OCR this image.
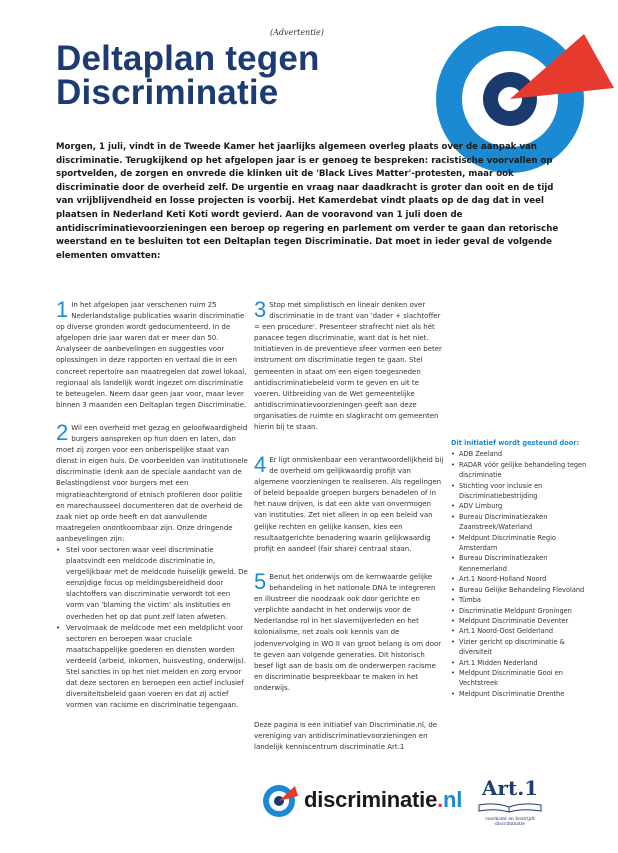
(Advertentie)
Deltaplan tegen
Discriminatie

Morgen, 1 juli, vindt in de Tweede Kamer het jaarlijks algemeen overleg plaats over de aanpak van discriminatie. Terugkijkend op het afgelopen jaar is er genoeg te bespreken: racistische voorvallen op sportvelden, de zorgen en onvrede die klinken uit de 'Black Lives Matter'-protesten, maar ook discriminatie door de overheid zelf. De urgentie en vraag naar daadkracht is groter dan ooit en de tijd van vrijblijvendheid en losse projecten is voorbij. Het Kamerdebat vindt plaats op de dag dat in veel plaatsen in Nederland Keti Koti wordt gevierd. Aan de vooravond van 1 juli doen de antidiscriminatievoorzieningen een beroep op regering en parlement om verder te gaan dan retorische weerstand en te besluiten tot een Deltaplan tegen Discriminatie. Dat moet in ieder geval de volgende elementen omvatten:

1 In het afgelopen jaar verschenen ruim 25 Nederlandstalige publicaties waarin discriminatie op diverse gronden wordt gedocumenteerd. In de afgelopen drie jaar waren dat er meer dan 50. Analyseer de aanbevelingen en suggesties voor oplossingen in deze rapporten en vertaal die in een concreet repertoire aan maatregelen dat zowel lokaal, regionaal als landelijk wordt ingezet om discriminatie te beteugelen. Neem daar geen jaar voor, maar lever binnen 3 maanden een Deltaplan tegen Discriminatie.
2 Wil een overheid met gezag en geloofwaardigheid burgers aanspreken op hun doen en laten, dan moet zij zorgen voor een onberispelijke staat van dienst in eigen huis. De voorbeelden van institutionele discriminatie (denk aan de speciale aandacht van de Belastingdienst voor burgers met een migratieachtergrond of etnisch profileren door politie en marechaussee) documenteren dat de overheid de zaak niet op orde heeft en dat aanvullende maatregelen onontkoombaar zijn. Onze dringende aanbevelingen zijn:
• Stel voor sectoren waar veel discriminatie plaatsvindt een meldcode discriminatie in, vergelijkbaar met de meldcode huiselijk geweld. De eenzijdige focus op meldingsbereidheid door slachtoffers van discriminatie verwordt tot een vorm van 'blaming the victim' als instituties en overheden het op dat punt zelf laten afweten.
• Vervolmaak de meldcode met een meldplicht voor sectoren en beroepen waar cruciale maatschappelijke goederen en diensten worden verdeeld (arbeid, inkomen, huisvesting, onderwijs). Stel sancties in op het niet melden en zorg ervoor dat deze sectoren en beroepen een actief inclusief diversiteitsbeleid gaan voeren en dat zij actief vormen van racisme en discriminatie tegengaan.
3 Stop met simplistisch en lineair denken over discriminatie in de trant van 'dader + slachtoffer = een procedure'. Presenteer strafrecht niet als hét panacee tegen discriminatie, want dat is het niet. Initiatieven in de preventieve sfeer vormen een beter instrument om discriminatie tegen te gaan. Stel gemeenten in staat om een eigen toegesneden antidiscriminatiebeleid vorm te geven en uit te voeren. Uitbreiding van de Wet gemeentelijke antidiscriminatievoorzieningen geeft aan deze organisaties de ruimte en slagkracht om gemeenten hierin bij te staan.
4 Er ligt onmiskenbaar een verantwoordelijkheid bij de overheid om gelijkwaardig profijt van algemene voorzieningen te realiseren. Als regelingen of beleid bepaalde groepen burgers benadelen of in het nauw drijven, is dat een akte van onvermogen van instituties. Zet niet alleen in op een beleid van gelijke rechten en gelijke kansen, kies een resultaatgerichte benadering waarin gelijkwaardig profijt en aandeel (fair share) centraal staan.
5 Benut het onderwijs om de kernwaarde gelijke behandeling in het nationale DNA te integreren en illustreer die noodzaak ook door gerichte en verplichte aandacht in het onderwijs voor de Nederlandse rol in het slavernijverleden en het kolonialisme, net zoals ook kennis van de jodenvervolging in WO II van groot belang is om door te geven aan volgende generaties. Dit historisch besef ligt aan de basis om de onderwerpen racisme en discriminatie bespreekbaar te maken in het onderwijs.
Deze pagina is een initiatief van Discriminatie.nl, de vereniging van antidiscriminatievoorzieningen en landelijk kenniscentrum discriminatie Art.1
Dit initiatief wordt gesteund door:
• ADB Zeeland
• RADAR vóór gelijke behandeling tegen discriminatie
• Stichting voor inclusie en Discriminatiebestrijding
• ADV Limburg
• Bureau Discriminatiezaken Zaanstreek/Waterland
• Meldpunt Discriminatie Regio Amsterdam
• Bureau Discriminatiezaken Kennemerland
• Art.1 Noord-Holland Noord
• Bureau Gelijke Behandeling Flevoland
• Tümba
• Discriminatie Meldpunt Groningen
• Meldpunt Discriminatie Deventer
• Art.1 Noord-Oost Gelderland
• Vizier gericht op discriminatie & diversiteit
• Art.1 Midden Nederland
• Meldpunt Discriminatie Gooi en Vechtstreek
• Meldpunt Discriminatie Drenthe
discriminatie.nl Art.1
voorkomt en bestrijdt discriminatie
